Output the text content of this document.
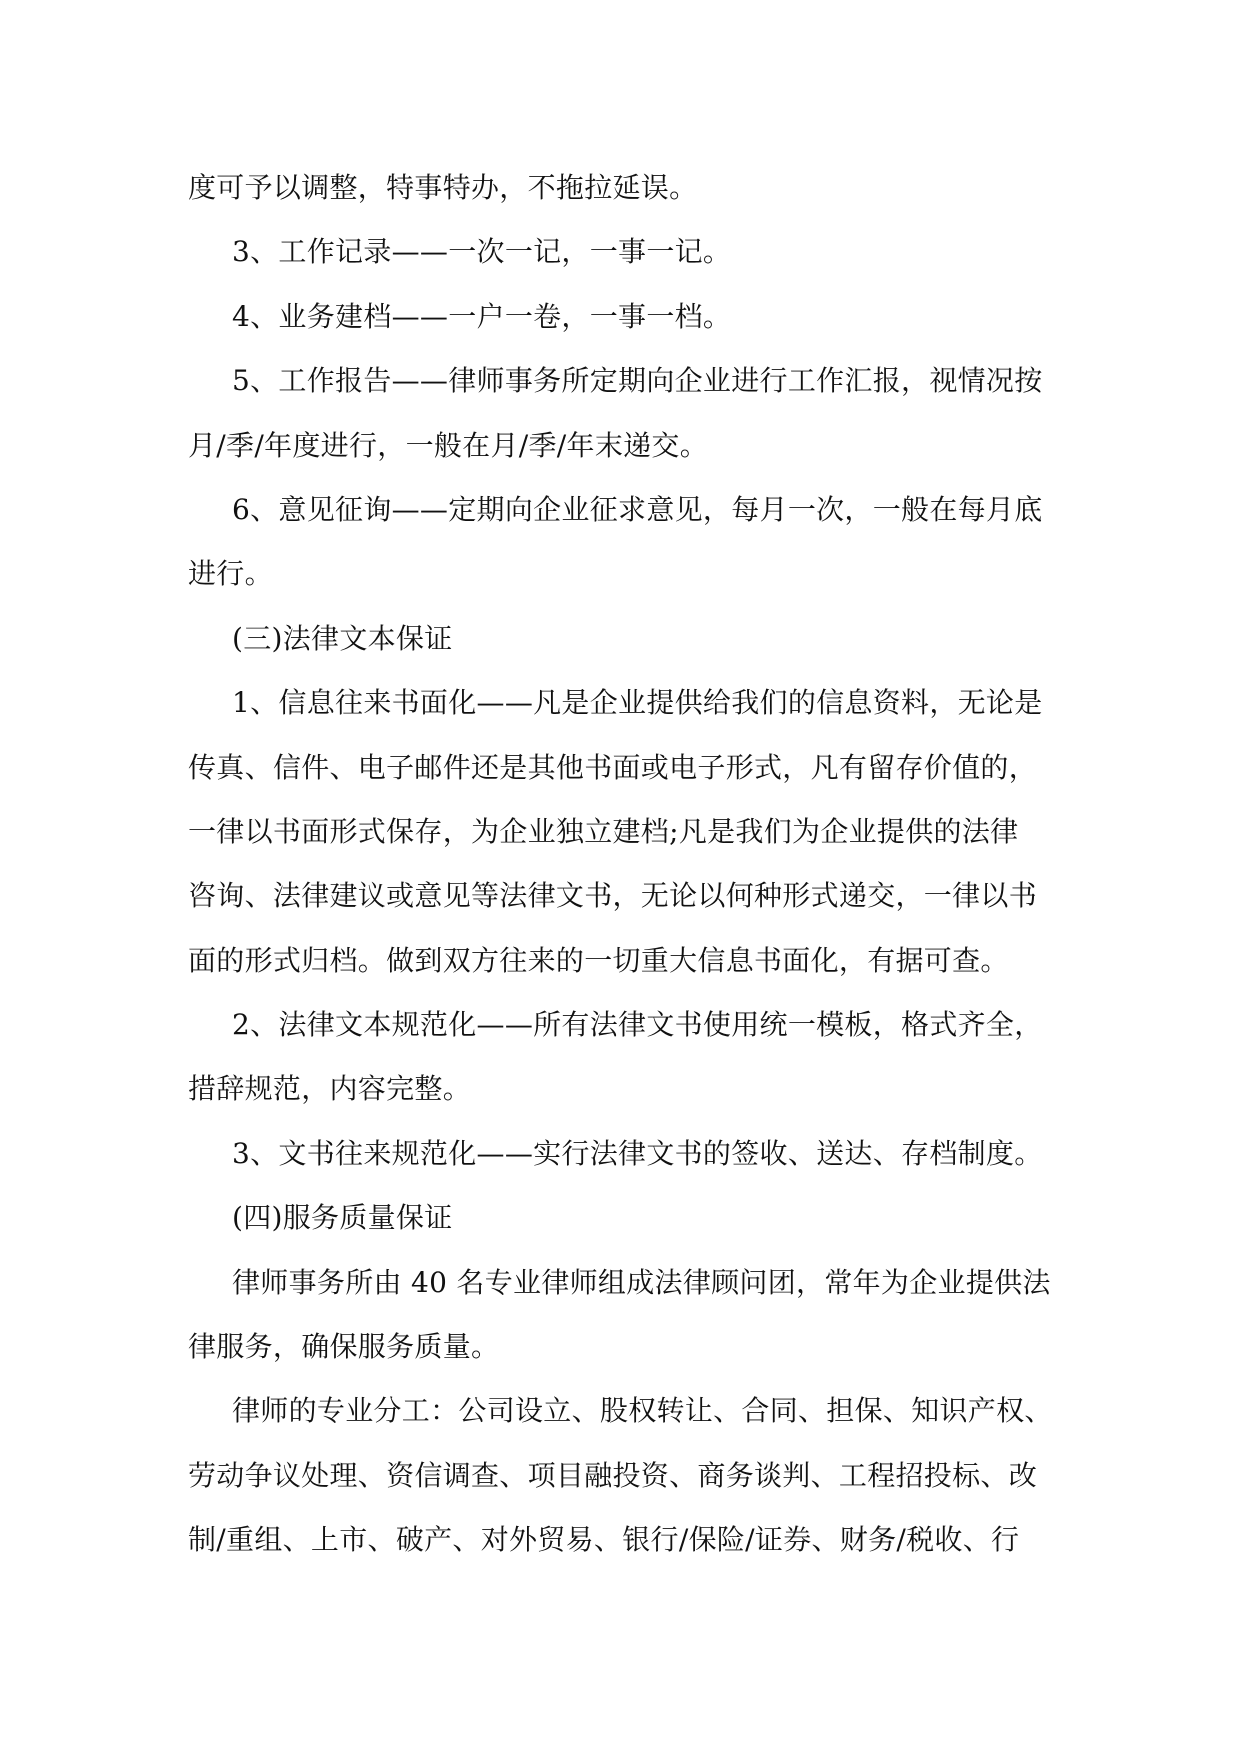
度可予以调整，特事特办，不拖拉延误。
3、工作记录——一次一记，一事一记。
4、业务建档——一户一卷，一事一档。
5、工作报告——律师事务所定期向企业进行工作汇报，视情况按
月/季/年度进行，一般在月/季/年末递交。
6、意见征询——定期向企业征求意见，每月一次，一般在每月底
进行。
(三)法律文本保证
1、信息往来书面化——凡是企业提供给我们的信息资料，无论是
传真、信件、电子邮件还是其他书面或电子形式，凡有留存价值的，
一律以书面形式保存，为企业独立建档;凡是我们为企业提供的法律
咨询、法律建议或意见等法律文书，无论以何种形式递交，一律以书
面的形式归档。做到双方往来的一切重大信息书面化，有据可查。
2、法律文本规范化——所有法律文书使用统一模板，格式齐全，
措辞规范，内容完整。
3、文书往来规范化——实行法律文书的签收、送达、存档制度。
(四)服务质量保证
律师事务所由 40 名专业律师组成法律顾问团，常年为企业提供法
律服务，确保服务质量。
律师的专业分工：公司设立、股权转让、合同、担保、知识产权、
劳动争议处理、资信调查、项目融投资、商务谈判、工程招投标、改
制/重组、上市、破产、对外贸易、银行/保险/证券、财务/税收、行
